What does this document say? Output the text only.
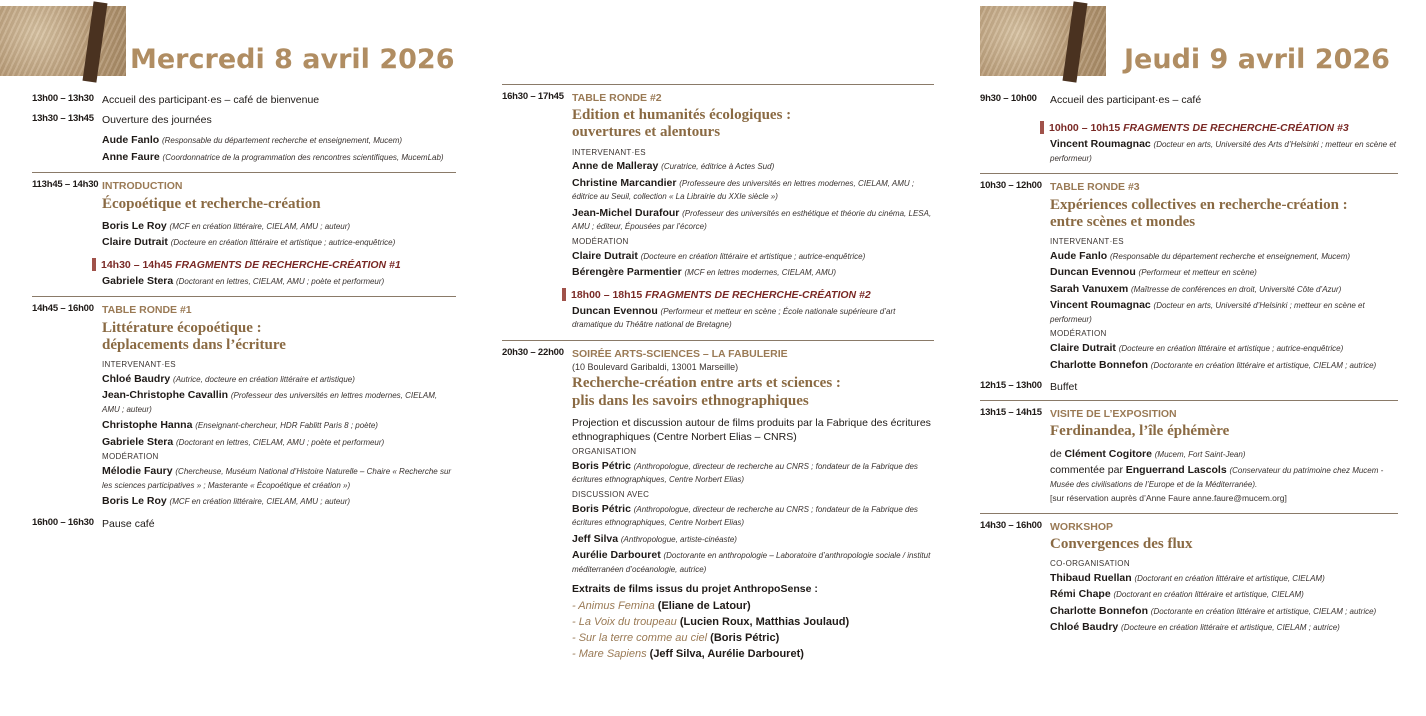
Mercredi 8 avril 2026	Jeudi 9 avril 2026
13h00 – 13h30 Accueil des participant·es – café de bienvenue
13h30 – 13h45 Ouverture des journées
Aude Fanlo (Responsable du département recherche et enseignement, Mucem)
Anne Faure (Coordonnatrice de la programmation des rencontres scientifiques, MucemLab)
113h45 – 14h30 INTRODUCTION
Écopoétique et recherche-création
Boris Le Roy (MCF en création littéraire, CIELAM, AMU ; auteur)
Claire Dutrait (Docteure en création littéraire et artistique ; autrice-enquêtrice)
14h30 – 14h45 FRAGMENTS DE RECHERCHE-CRÉATION #1
Gabriele Stera (Doctorant en lettres, CIELAM, AMU ; poète et performeur)
14h45 – 16h00 TABLE RONDE #1
Littérature écopoétique :
déplacements dans l’écriture
INTERVENANT·ES
Chloé Baudry (Autrice, docteure en création littéraire et artistique)
Jean-Christophe Cavallin (Professeur des universités en lettres modernes, CIELAM, AMU ; auteur)
Christophe Hanna (Enseignant-chercheur, HDR Fablitt Paris 8 ; poète)
Gabriele Stera (Doctorant en lettres, CIELAM, AMU ; poète et performeur)
MODÉRATION
Mélodie Faury (Chercheuse, Muséum National d’Histoire Naturelle – Chaire « Recherche sur les sciences participatives » ; Masterante « Écopoétique et création »)
Boris Le Roy (MCF en création littéraire, CIELAM, AMU ; auteur)
16h00 – 16h30 Pause café
16h30 – 17h45 TABLE RONDE #2
Edition et humanités écologiques :
ouvertures et alentours
INTERVENANT·ES
Anne de Malleray (Curatrice, éditrice à Actes Sud)
Christine Marcandier (Professeure des universités en lettres modernes, CIELAM, AMU ; éditrice au Seuil, collection « La Librairie du XXIe siècle »)
Jean-Michel Durafour (Professeur des universités en esthétique et théorie du cinéma, LESA, AMU ; éditeur, Épousées par l’écorce)
MODÉRATION
Claire Dutrait (Docteure en création littéraire et artistique ; autrice-enquêtrice)
Bérengère Parmentier (MCF en lettres modernes, CIELAM, AMU)
18h00 – 18h15 FRAGMENTS DE RECHERCHE-CRÉATION #2
Duncan Evennou (Performeur et metteur en scène ; École nationale supérieure d’art dramatique du Théâtre national de Bretagne)
20h30 – 22h00 SOIRÉE ARTS-SCIENCES – LA FABULERIE
(10 Boulevard Garibaldi, 13001 Marseille)
Recherche-création entre arts et sciences :
plis dans les savoirs ethnographiques
Projection et discussion autour de films produits par la Fabrique des écritures ethnographiques (Centre Norbert Elias – CNRS)
ORGANISATION
Boris Pétric (Anthropologue, directeur de recherche au CNRS ; fondateur de la Fabrique des écritures ethnographiques, Centre Norbert Elias)
DISCUSSION AVEC
Boris Pétric (Anthropologue, directeur de recherche au CNRS ; fondateur de la Fabrique des écritures ethnographiques, Centre Norbert Elias)
Jeff Silva (Anthropologue, artiste-cinéaste)
Aurélie Darbouret (Doctorante en anthropologie – Laboratoire d’anthropologie sociale / institut méditerranéen d’océanologie, autrice)
Extraits de films issus du projet AnthropoSense :
- Animus Femina (Eliane de Latour)
- La Voix du troupeau (Lucien Roux, Matthias Joulaud)
- Sur la terre comme au ciel (Boris Pétric)
- Mare Sapiens (Jeff Silva, Aurélie Darbouret)
9h30 – 10h00	Accueil des participant·es – café
10h00 – 10h15 FRAGMENTS DE RECHERCHE-CRÉATION #3
Vincent Roumagnac (Docteur en arts, Université des Arts d’Helsinki ; metteur en scène et performeur)
10h30 – 12h00 TABLE RONDE #3
Expériences collectives en recherche-création :
entre scènes et mondes
INTERVENANT·ES
Aude Fanlo (Responsable du département recherche et enseignement, Mucem)
Duncan Evennou (Performeur et metteur en scène)
Sarah Vanuxem (Maîtresse de conférences en droit, Université Côte d’Azur)
Vincent Roumagnac (Docteur en arts, Université d’Helsinki ; metteur en scène et performeur)
MODÉRATION
Claire Dutrait (Docteure en création littéraire et artistique ; autrice-enquêtrice)
Charlotte Bonnefon (Doctorante en création littéraire et artistique, CIELAM ; autrice)
12h15 – 13h00 Buffet
13h15 – 14h15 VISITE DE L’EXPOSITION
Ferdinandea, l’île éphémère
de Clément Cogitore (Mucem, Fort Saint-Jean)
commentée par Enguerrand Lascols (Conservateur du patrimoine chez Mucem - Musée des civilisations de l’Europe et de la Méditerranée).
[sur réservation auprès d’Anne Faure anne.faure@mucem.org]
14h30 – 16h00 WORKSHOP
Convergences des flux
CO-ORGANISATION
Thibaud Ruellan (Doctorant en création littéraire et artistique, CIELAM)
Rémi Chape (Doctorant en création littéraire et artistique, CIELAM)
Charlotte Bonnefon (Doctorante en création littéraire et artistique, CIELAM ; autrice)
Chloé Baudry (Docteure en création littéraire et artistique, CIELAM ; autrice)
